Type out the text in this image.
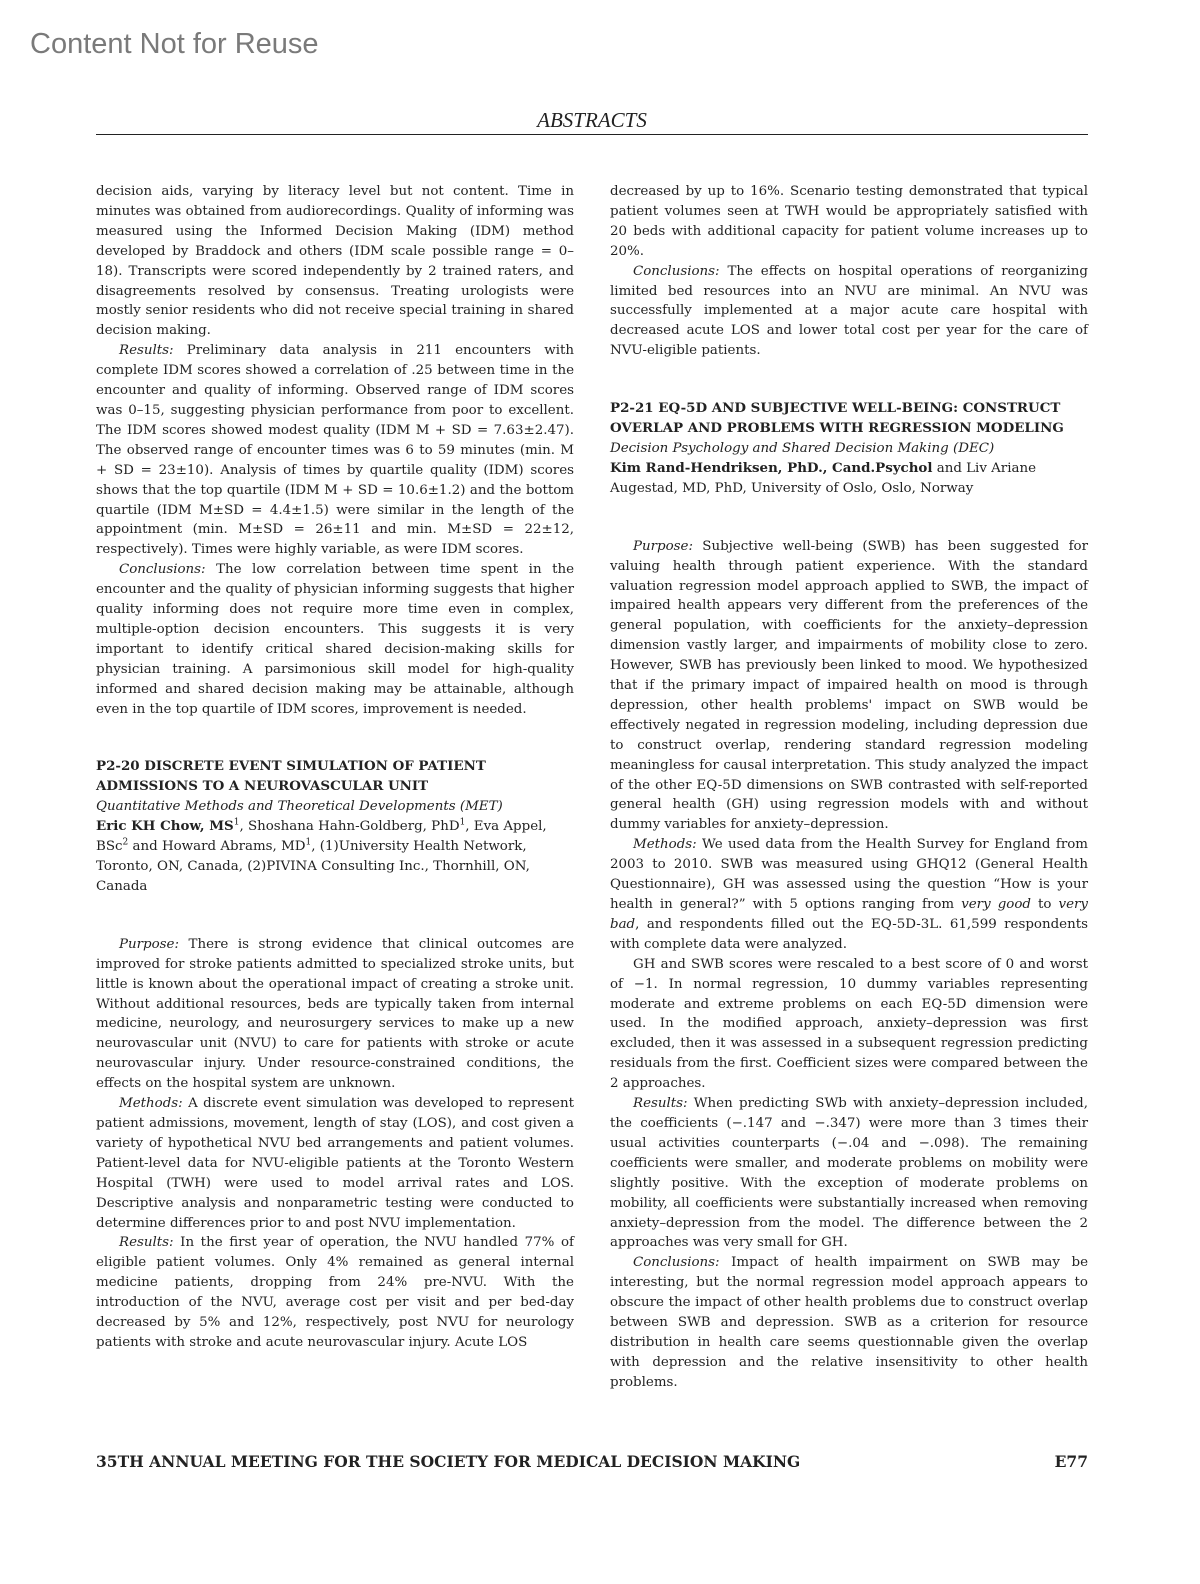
Content Not for Reuse
ABSTRACTS

decision aids, varying by literacy level but not content. Time in minutes was obtained from audiorecordings. Quality of informing was measured using the Informed Decision Making (IDM) method developed by Braddock and others (IDM scale possible range = 0–18). Transcripts were scored independently by 2 trained raters, and disagreements resolved by consensus. Treating urologists were mostly senior residents who did not receive special training in shared decision making.

Results: Preliminary data analysis in 211 encounters with complete IDM scores showed a correlation of .25 between time in the encounter and quality of informing. Observed range of IDM scores was 0–15, suggesting physician performance from poor to excellent. The IDM scores showed modest quality (IDM M + SD = 7.63±2.47). The observed range of encounter times was 6 to 59 minutes (min. M + SD = 23±10). Analysis of times by quartile quality (IDM) scores shows that the top quartile (IDM M + SD = 10.6±1.2) and the bottom quartile (IDM M±SD = 4.4±1.5) were similar in the length of the appointment (min. M±SD = 26±11 and min. M±SD = 22±12, respectively). Times were highly variable, as were IDM scores.

Conclusions: The low correlation between time spent in the encounter and the quality of physician informing suggests that higher quality informing does not require more time even in complex, multiple-option decision encounters. This suggests it is very important to identify critical shared decision-making skills for physician training. A parsimonious skill model for high-quality informed and shared decision making may be attainable, although even in the top quartile of IDM scores, improvement is needed.

P2-20 DISCRETE EVENT SIMULATION OF PATIENT ADMISSIONS TO A NEUROVASCULAR UNIT

Quantitative Methods and Theoretical Developments (MET)

Eric KH Chow, $MS^1$, Shoshana Hahn-Goldberg, PhD$^1$, Eva Appel, BSc$^2$ and Howard Abrams, $MD^1$, (1)University Health Network, Toronto, ON, Canada, (2)PIVINA Consulting Inc., Thornhill, ON, Canada

Purpose: There is strong evidence that clinical outcomes are improved for stroke patients admitted to specialized stroke units, but little is known about the operational impact of creating a stroke unit. Without additional resources, beds are typically taken from internal medicine, neurology, and neurosurgery services to make up a new neurovascular unit (NVU) to care for patients with stroke or acute neurovascular injury. Under resource-constrained conditions, the effects on the hospital system are unknown.

Methods: A discrete event simulation was developed to represent patient admissions, movement, length of stay (LOS), and cost given a variety of hypothetical NVU bed arrangements and patient volumes. Patient-level data for NVU-eligible patients at the Toronto Western Hospital (TWH) were used to model arrival rates and LOS. Descriptive analysis and nonparametric testing were conducted to determine differences prior to and post NVU implementation.

Results: In the first year of operation, the NVU handled 77% of eligible patient volumes. Only 4% remained as general internal medicine patients, dropping from 24% pre-NVU. With the introduction of the NVU, average cost per visit and per bed-day decreased by 5% and 12%, respectively, post NVU for neurology patients with stroke and acute neurovascular injury. Acute LOS

decreased by up to 16%. Scenario testing demonstrated that typical patient volumes seen at TWH would be appropriately satisfied with 20 beds with additional capacity for patient volume increases up to 20%.

Conclusions: The effects on hospital operations of reorganizing limited bed resources into an NVU are minimal. An NVU was successfully implemented at a major acute care hospital with decreased acute LOS and lower total cost per year for the care of NVU-eligible patients.

P2-21 EQ-5D AND SUBJECTIVE WELL-BEING: CONSTRUCT OVERLAP AND PROBLEMS WITH REGRESSION MODELING

Decision Psychology and Shared Decision Making (DEC)

Kim Rand-Hendriksen, PhD., Cand.Psychol and Liv Ariane Augestad, MD, PhD, University of Oslo, Oslo, Norway

Purpose: Subjective well-being (SWB) has been suggested for valuing health through patient experience. With the standard valuation regression model approach applied to SWB, the impact of impaired health appears very different from the preferences of the general population, with coefficients for the anxiety–depression dimension vastly larger, and impairments of mobility close to zero. However, SWB has previously been linked to mood. We hypothesized that if the primary impact of impaired health on mood is through depression, other health problems' impact on SWB would be effectively negated in regression modeling, including depression due to construct overlap, rendering standard regression modeling meaningless for causal interpretation. This study analyzed the impact of the other EQ-5D dimensions on SWB contrasted with self-reported general health (GH) using regression models with and without dummy variables for anxiety–depression.

Methods: We used data from the Health Survey for England from 2003 to 2010. SWB was measured using GHQ12 (General Health Questionnaire), GH was assessed using the question “How is your health in general?” with 5 options ranging from very good to very bad, and respondents filled out the EQ-5D-3L. 61,599 respondents with complete data were analyzed.

GH and SWB scores were rescaled to a best score of 0 and worst of −1. In normal regression, 10 dummy variables representing moderate and extreme problems on each EQ-5D dimension were used. In the modified approach, anxiety–depression was first excluded, then it was assessed in a subsequent regression predicting residuals from the first. Coefficient sizes were compared between the 2 approaches.

Results: When predicting SWb with anxiety–depression included, the coefficients (−.147 and −.347) were more than 3 times their usual activities counterparts (−.04 and −.098). The remaining coefficients were smaller, and moderate problems on mobility were slightly positive. With the exception of moderate problems on mobility, all coefficients were substantially increased when removing anxiety–depression from the model. The difference between the 2 approaches was very small for GH.

Conclusions: Impact of health impairment on SWB may be interesting, but the normal regression model approach appears to obscure the impact of other health problems due to construct overlap between SWB and depression. SWB as a criterion for resource distribution in health care seems questionnable given the overlap with depression and the relative insensitivity to other health problems.

35TH ANNUAL MEETING FOR THE SOCIETY FOR MEDICAL DECISION MAKING	E77
